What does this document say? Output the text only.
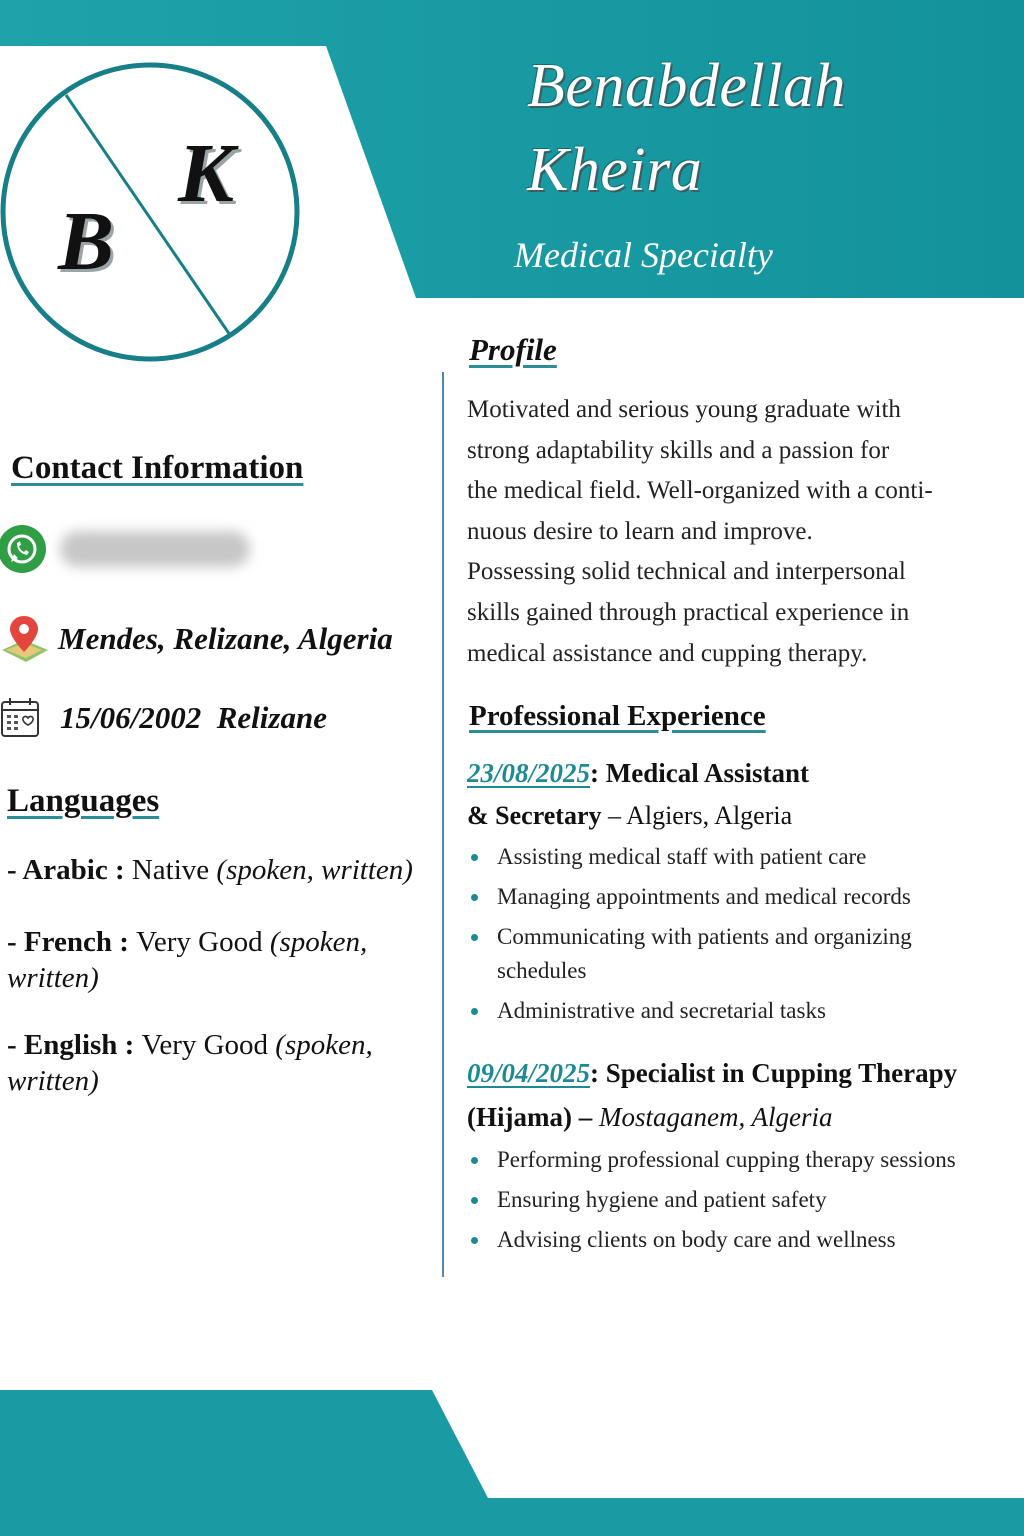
Benabdellah
Kheira
Medical Specialty
B
K
Contact Information
Mendes, Relizane, Algeria
15/06/2002  Relizane
Languages
- Arabic : Native (spoken, written)
- French : Very Good (spoken, written)
- English : Very Good (spoken, written)
Profile

Motivated and serious young graduate with
strong adaptability skills and a passion for
the medical field. Well-organized with a conti-
nuous desire to learn and improve.
Possessing solid technical and interpersonal
skills gained through practical experience in
medical assistance and cupping therapy.

Professional Experience

23/08/2025: Medical Assistant

& Secretary – Algiers, Algeria

Assisting medical staff with patient care
Managing appointments and medical records
Communicating with patients and organizing schedules
Administrative and secretarial tasks

09/04/2025: Specialist in Cupping Therapy

(Hijama) – Mostaganem, Algeria

Performing professional cupping therapy sessions
Ensuring hygiene and patient safety
Advising clients on body care and wellness
